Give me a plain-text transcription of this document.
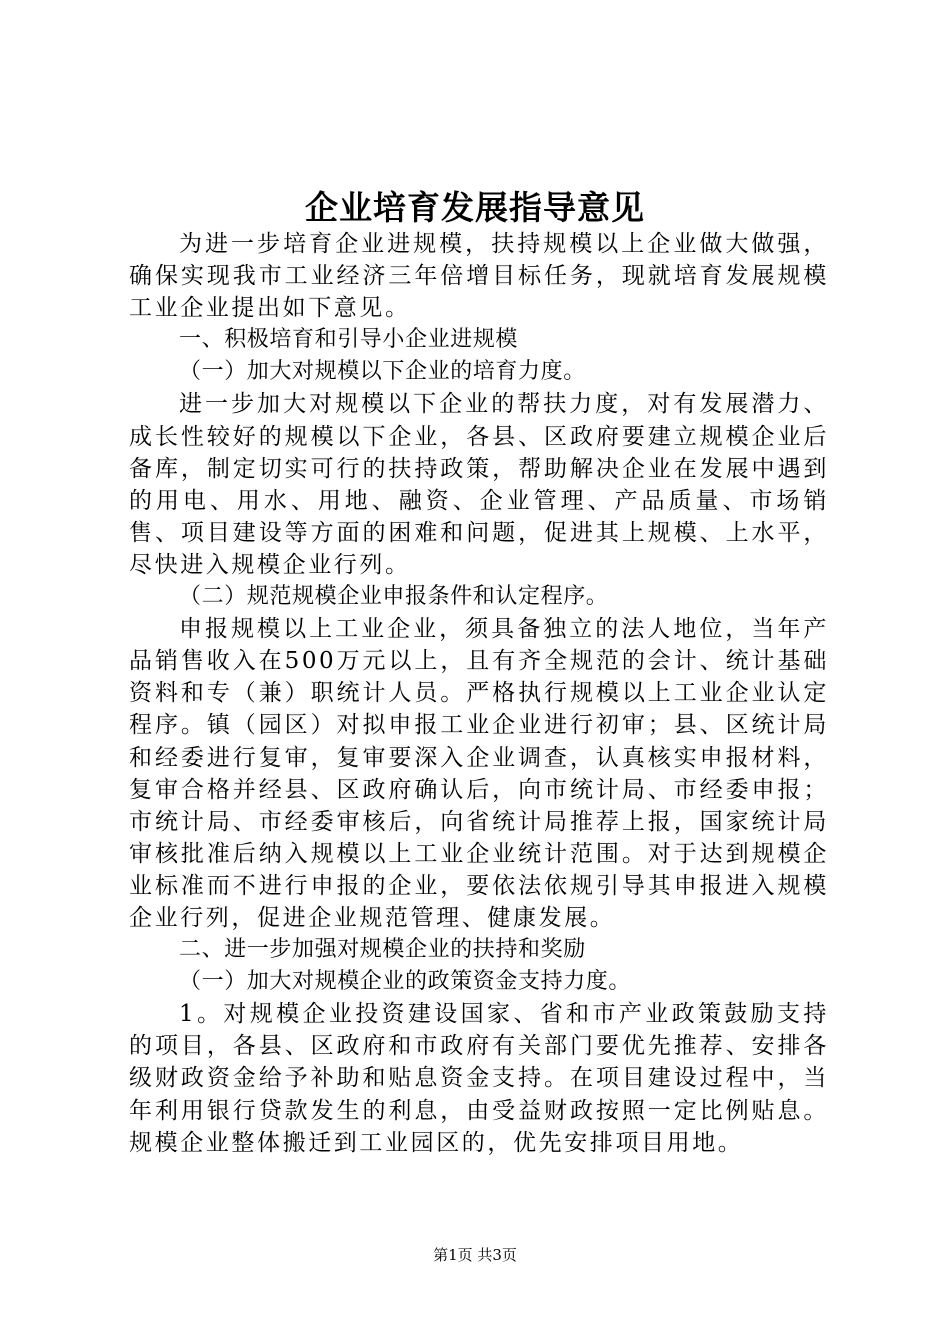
企业培育发展指导意见

为进一步培育企业进规模，扶持规模以上企业做大做强，确保实现我市工业经济三年倍增目标任务，现就培育发展规模工业企业提出如下意见。

一、积极培育和引导小企业进规模

（一）加大对规模以下企业的培育力度。

进一步加大对规模以下企业的帮扶力度，对有发展潜力、成长性较好的规模以下企业，各县、区政府要建立规模企业后备库，制定切实可行的扶持政策，帮助解决企业在发展中遇到的用电、用水、用地、融资、企业管理、产品质量、市场销售、项目建设等方面的困难和问题，促进其上规模、上水平，尽快进入规模企业行列。

（二）规范规模企业申报条件和认定程序。

申报规模以上工业企业，须具备独立的法人地位，当年产品销售收入在500万元以上，且有齐全规范的会计、统计基础资料和专（兼）职统计人员。严格执行规模以上工业企业认定程序。镇（园区）对拟申报工业企业进行初审；县、区统计局和经委进行复审，复审要深入企业调查，认真核实申报材料，复审合格并经县、区政府确认后，向市统计局、市经委申报；市统计局、市经委审核后，向省统计局推荐上报，国家统计局审核批准后纳入规模以上工业企业统计范围。对于达到规模企业标准而不进行申报的企业，要依法依规引导其申报进入规模企业行列，促进企业规范管理、健康发展。

二、进一步加强对规模企业的扶持和奖励

（一）加大对规模企业的政策资金支持力度。

1。对规模企业投资建设国家、省和市产业政策鼓励支持的项目，各县、区政府和市政府有关部门要优先推荐、安排各级财政资金给予补助和贴息资金支持。在项目建设过程中，当年利用银行贷款发生的利息，由受益财政按照一定比例贴息。规模企业整体搬迁到工业园区的，优先安排项目用地。

第1页 共3页
